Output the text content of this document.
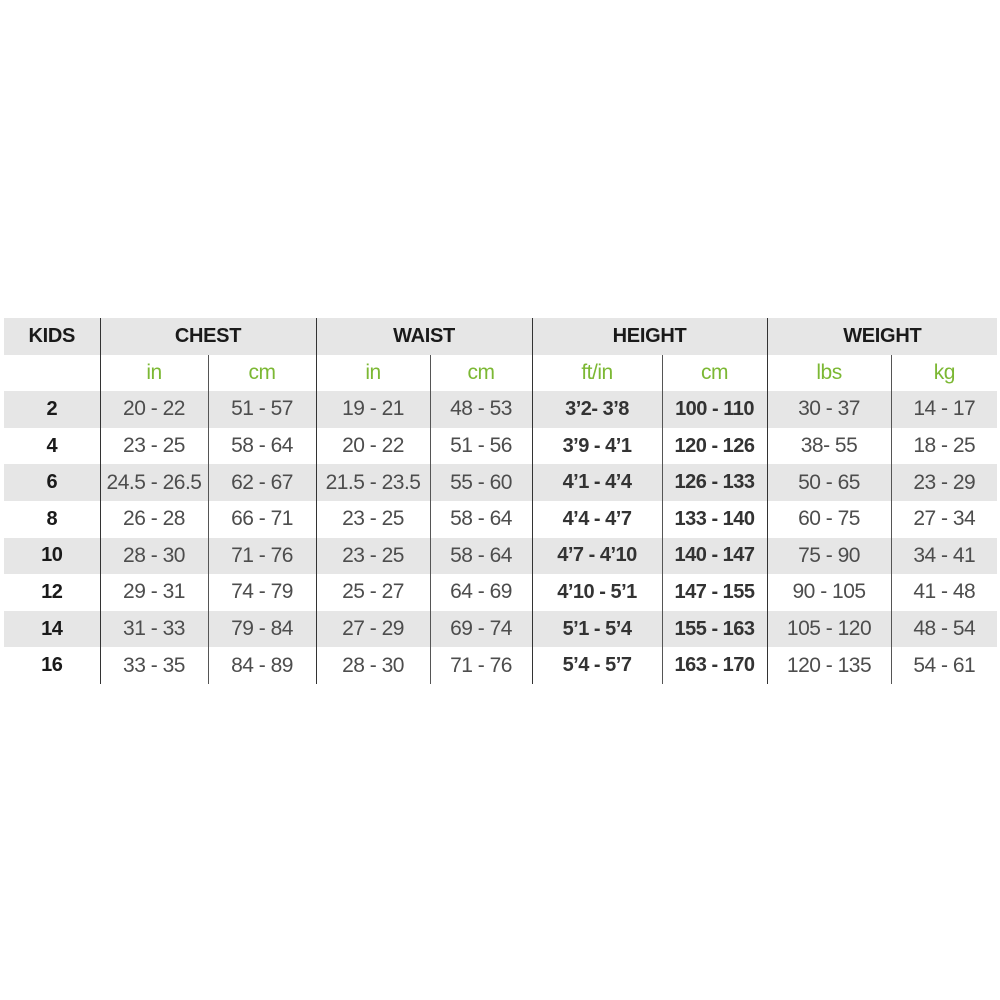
KIDS	CHEST		WAIST		HEIGHT		WEIGHT	
	in	cm	in	cm	ft/in	cm	lbs	kg
2	20 - 22	51 - 57	19 - 21	48 - 53	3’2- 3’8	100 - 110	30 - 37	14 - 17
4	23 - 25	58 - 64	20 - 22	51 - 56	3’9 - 4’1	120 - 126	38- 55	18 - 25
6	24.5 - 26.5	62 - 67	21.5 - 23.5	55 - 60	4’1 - 4’4	126 - 133	50 - 65	23 - 29
8	26 - 28	66 - 71	23 - 25	58 - 64	4’4 - 4’7	133 - 140	60 - 75	27 - 34
10	28 - 30	71 - 76	23 - 25	58 - 64	4’7 - 4’10	140 - 147	75 - 90	34 - 41
12	29 - 31	74 - 79	25 - 27	64 - 69	4’10 - 5’1	147 - 155	90 - 105	41 - 48
14	31 - 33	79 - 84	27 - 29	69 - 74	5’1 - 5’4	155 - 163	105 - 120	48 - 54
16	33 - 35	84 - 89	28 - 30	71 - 76	5’4 - 5’7	163 - 170	120 - 135	54 - 61
